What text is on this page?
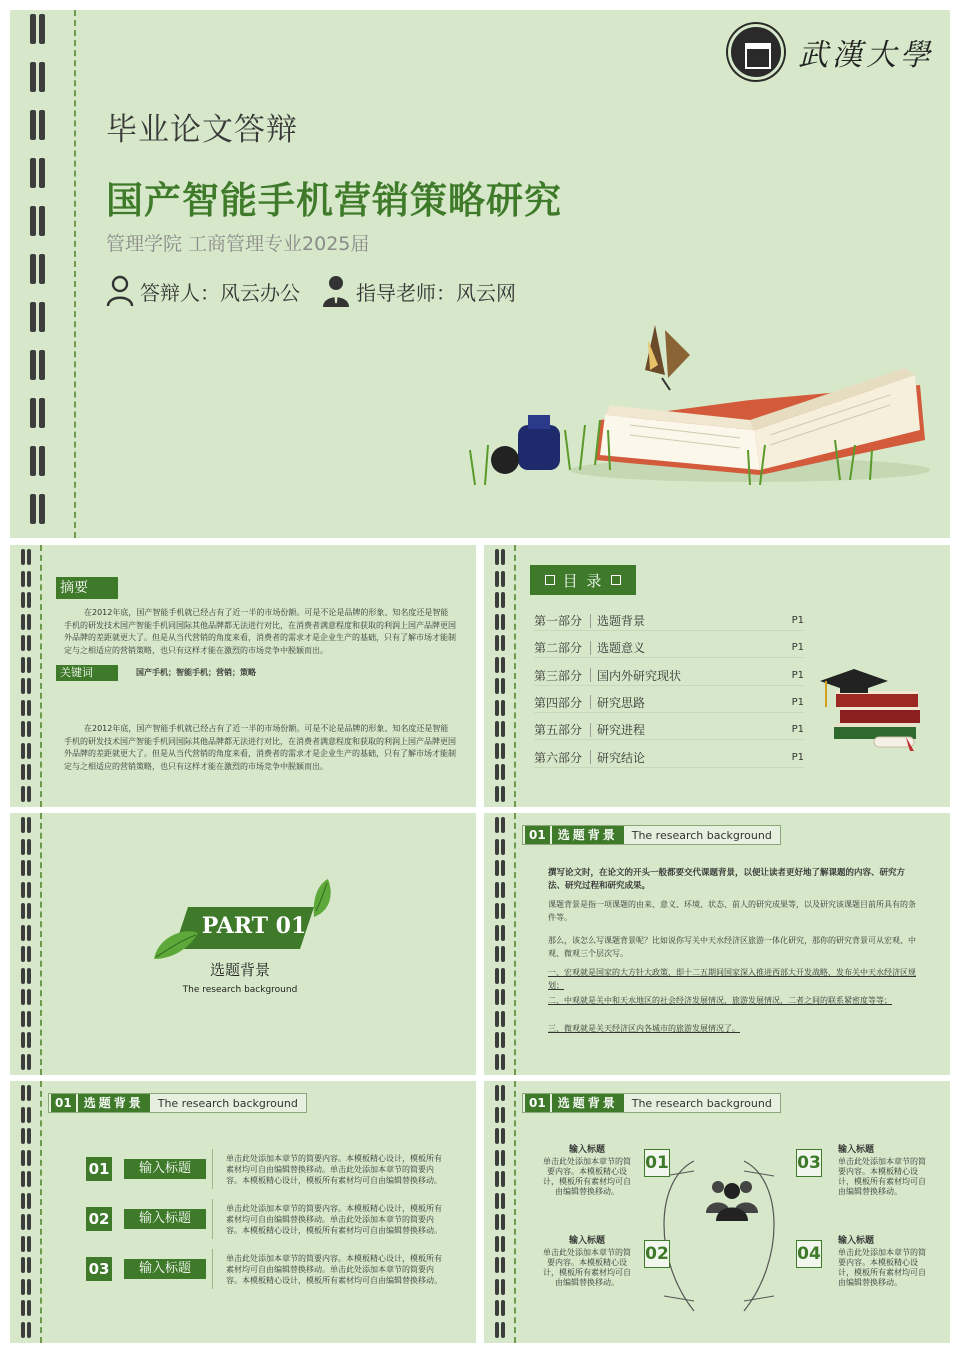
武漢大學
毕业论文答辩
国产智能手机营销策略研究
管理学院 工商管理专业2025届
答辩人：风云办公	指导老师：风云网
摘要
在2012年底，国产智能手机就已经占有了近一半的市场份额。可是不论是品牌的形象、知名度还是智能手机的研发技术国产智能手机同国际其他品牌都无法进行对比，在消费者满意程度和获取的利润上国产品牌更国外品牌的差距就更大了。但是从当代营销的角度来看，消费者的需求才是企业生产的基础，只有了解市场才能制定与之相适应的营销策略，也只有这样才能在激烈的市场竞争中脱颖而出。
关键词	国产手机；智能手机；营销；策略
在2012年底，国产智能手机就已经占有了近一半的市场份额。可是不论是品牌的形象、知名度还是智能手机的研发技术国产智能手机同国际其他品牌都无法进行对比，在消费者满意程度和获取的利润上国产品牌更国外品牌的差距就更大了。但是从当代营销的角度来看，消费者的需求才是企业生产的基础，只有了解市场才能制定与之相适应的营销策略，也只有这样才能在激烈的市场竞争中脱颖而出。
目 录
第一部分 选题背景	P1
第二部分 选题意义	P1
第三部分 国内外研究现状	P1
第四部分 研究思路	P1
第五部分 研究进程	P1
第六部分 研究结论	P1
PART 01
选题背景
The research background
01	选题背景	The research background
撰写论文时，在论文的开头一般都要交代课题背景，以便让读者更好地了解课题的内容、研究方法、研究过程和研究成果。
课题背景是指一项课题的由来、意义、环境、状态、前人的研究成果等，以及研究该课题目前所具有的条件等。
那么，该怎么写课题背景呢？比如说你写关中天水经济区旅游一体化研究，那你的研究背景可从宏观、中观、微观三个层次写。
一、宏观就是国家的大方针大政策，即十二五期间国家深入推进西部大开发战略，发布关中天水经济区规划；
二、中观就是关中和天水地区的社会经济发展情况，旅游发展情况，二者之间的联系紧密度等等；
三、微观就是关天经济区内各城市的旅游发展情况了。
01	选题背景	The research background
01	输入标题
单击此处添加本章节的简要内容。本模板精心设计，模板所有素材均可自由编辑替换移动。单击此处添加本章节的简要内容。本模板精心设计，模板所有素材均可自由编辑替换移动。
02	输入标题
单击此处添加本章节的简要内容。本模板精心设计，模板所有素材均可自由编辑替换移动。单击此处添加本章节的简要内容。本模板精心设计，模板所有素材均可自由编辑替换移动。
03	输入标题
单击此处添加本章节的简要内容。本模板精心设计，模板所有素材均可自由编辑替换移动。单击此处添加本章节的简要内容。本模板精心设计，模板所有素材均可自由编辑替换移动。
01	选题背景	The research background
01
输入标题
单击此处添加本章节的简要内容。本模板精心设计，模板所有素材均可自由编辑替换移动。
02
输入标题
单击此处添加本章节的简要内容。本模板精心设计，模板所有素材均可自由编辑替换移动。
03
输入标题
单击此处添加本章节的简要内容。本模板精心设计，模板所有素材均可自由编辑替换移动。
04
输入标题
单击此处添加本章节的简要内容。本模板精心设计，模板所有素材均可自由编辑替换移动。
